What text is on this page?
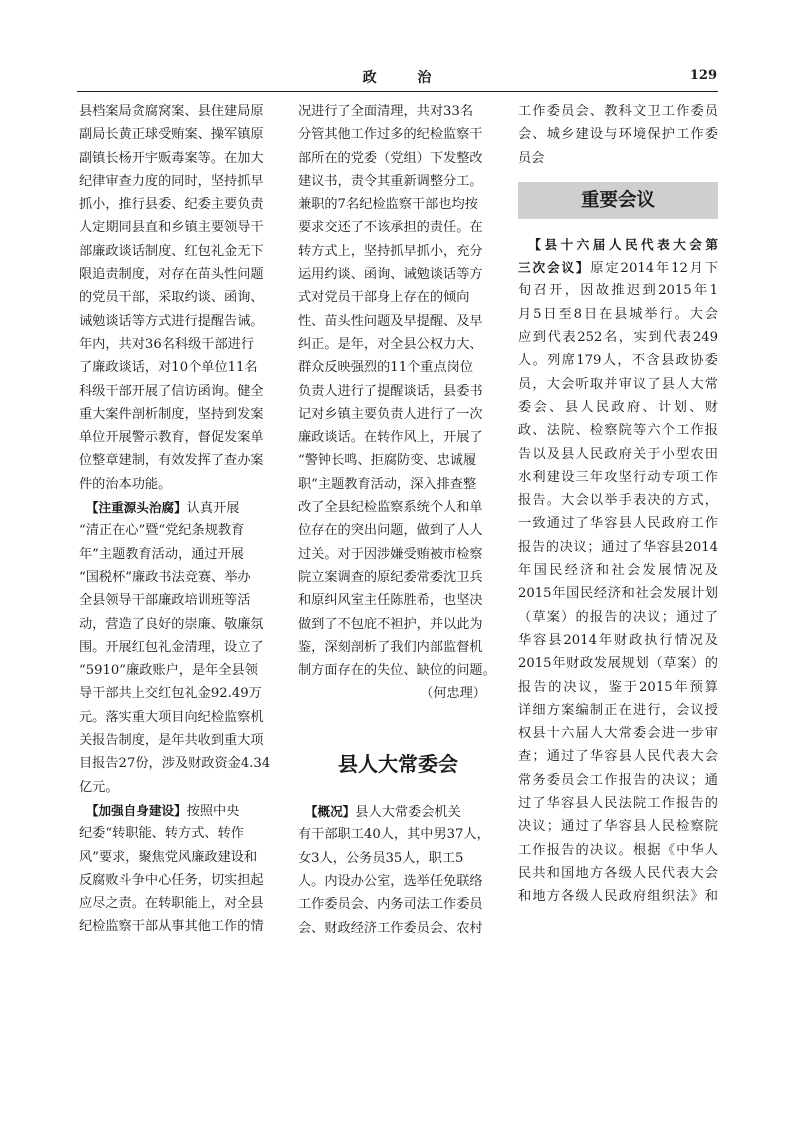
政 治	129
县档案局贪腐窝案、县住建局原
副局长黄正球受贿案、操军镇原
副镇长杨开宇贩毒案等。在加大
纪律审查力度的同时，坚持抓早
抓小，推行县委、纪委主要负责
人定期同县直和乡镇主要领导干
部廉政谈话制度、红包礼金无下
限追责制度，对存在苗头性问题
的党员干部，采取约谈、函询、
诫勉谈话等方式进行提醒告诫。
年内，共对36名科级干部进行
了廉政谈话，对10个单位11名
科级干部开展了信访函询。健全
重大案件剖析制度，坚持到发案
单位开展警示教育，督促发案单
位整章建制，有效发挥了查办案
件的治本功能。
　【注重源头治腐】认真开展
“清正在心”暨“党纪条规教育
年”主题教育活动，通过开展
“国税杯”廉政书法竞赛、举办
全县领导干部廉政培训班等活
动，营造了良好的崇廉、敬廉氛
围。开展红包礼金清理，设立了
“5910”廉政账户，是年全县领
导干部共上交红包礼金92.49万
元。落实重大项目向纪检监察机
关报告制度，是年共收到重大项
目报告27份，涉及财政资金4.34
亿元。
　【加强自身建设】按照中央
纪委“转职能、转方式、转作
风”要求，聚焦党风廉政建设和
反腐败斗争中心任务，切实担起
应尽之责。在转职能上，对全县
纪检监察干部从事其他工作的情
况进行了全面清理，共对33名
分管其他工作过多的纪检监察干
部所在的党委（党组）下发整改
建议书，责令其重新调整分工。
兼职的7名纪检监察干部也均按
要求交还了不该承担的责任。在
转方式上，坚持抓早抓小，充分
运用约谈、函询、诫勉谈话等方
式对党员干部身上存在的倾向
性、苗头性问题及早提醒、及早
纠正。是年，对全县公权力大、
群众反映强烈的11个重点岗位
负责人进行了提醒谈话，县委书
记对乡镇主要负责人进行了一次
廉政谈话。在转作风上，开展了
“警钟长鸣、拒腐防变、忠诚履
职”主题教育活动，深入排查整
改了全县纪检监察系统个人和单
位存在的突出问题，做到了人人
过关。对于因涉嫌受贿被市检察
院立案调查的原纪委常委沈卫兵
和原纠风室主任陈胜希，也坚决
做到了不包庇不袒护，并以此为
鉴，深刻剖析了我们内部监督机
制方面存在的失位、缺位的问题。
（何忠理）
县人大常委会
　【概况】县人大常委会机关
有干部职工40人，其中男37人，
女3人，公务员35人，职工5
人。内设办公室，选举任免联络
工作委员会、内务司法工作委员
会、财政经济工作委员会、农村
工作委员会、教科文卫工作委员
会、城乡建设与环境保护工作委
员会
重要会议
　【县十六届人民代表大会第
三次会议】原定2014年12月下
旬召开，因故推迟到2015年1
月5日至8日在县城举行。大会
应到代表252名，实到代表249
人。列席179人，不含县政协委
员，大会听取并审议了县人大常
委会、县人民政府、计划、财
政、法院、检察院等六个工作报
告以及县人民政府关于小型农田
水利建设三年攻坚行动专项工作
报告。大会以举手表决的方式，
一致通过了华容县人民政府工作
报告的决议；通过了华容县2014
年国民经济和社会发展情况及
2015年国民经济和社会发展计划
（草案）的报告的决议；通过了
华容县2014年财政执行情况及
2015年财政发展规划（草案）的
报告的决议，鉴于2015年预算
详细方案编制正在进行，会议授
权县十六届人大常委会进一步审
查；通过了华容县人民代表大会
常务委员会工作报告的决议；通
过了华容县人民法院工作报告的
决议；通过了华容县人民检察院
工作报告的决议。根据《中华人
民共和国地方各级人民代表大会
和地方各级人民政府组织法》和
